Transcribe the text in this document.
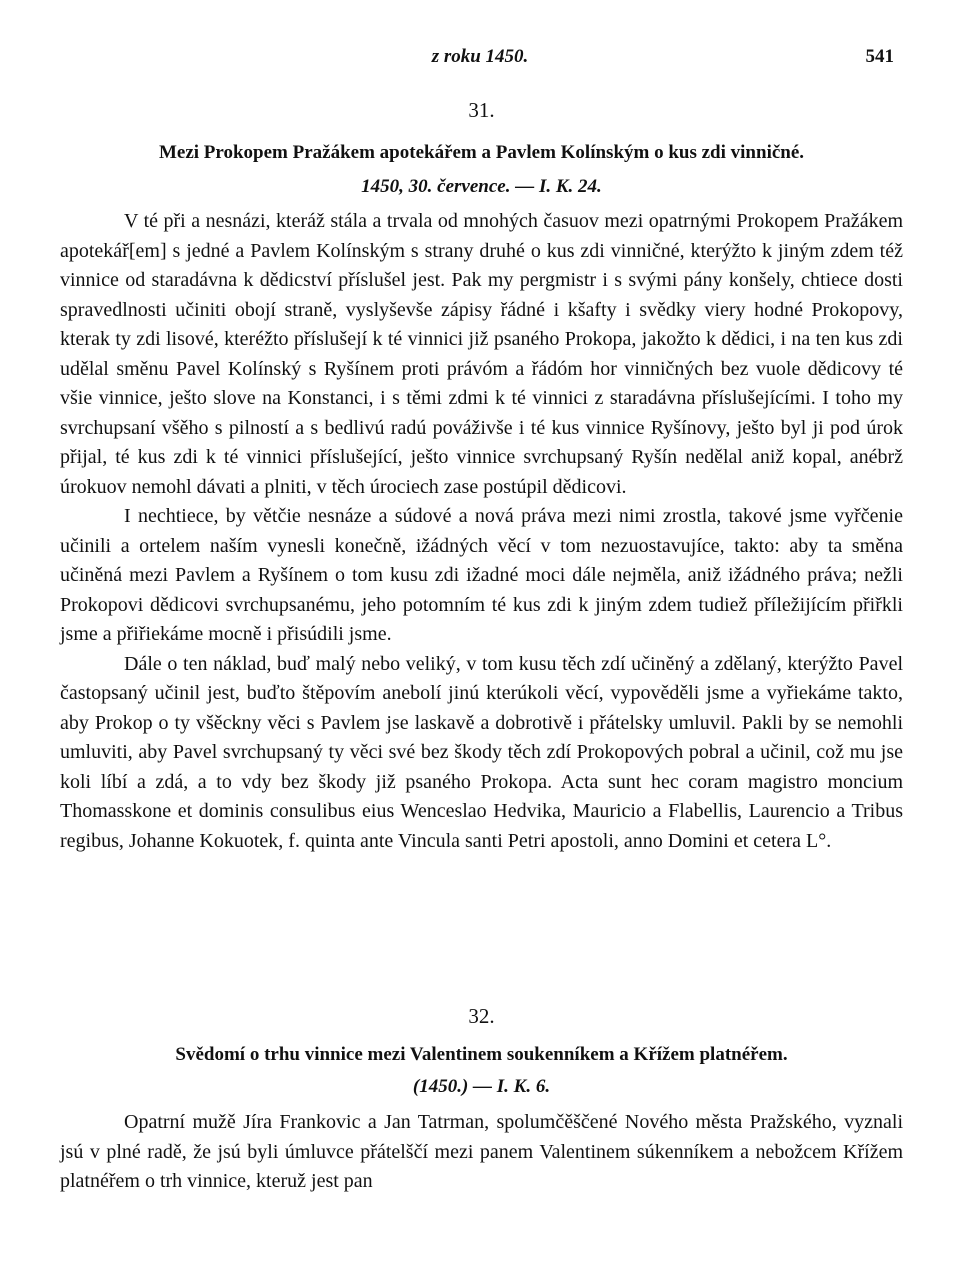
z roku 1450.	541
31.
Mezi Prokopem Pražákem apotekářem a Pavlem Kolínským o kus zdi vinničné.
1450, 30. července. — I. K. 24.

V té při a nesnázi, kteráž stála a trvala od mnohých časuov mezi opatrnými Prokopem Pražákem apotekář[em] s jedné a Pavlem Kolínským s strany druhé o kus zdi vinničné, kterýžto k jiným zdem též vinnice od staradávna k dědicství příslušel jest. Pak my pergmistr i s svými pány konšely, chtiece dosti spravedlnosti učiniti obojí straně, vyslyševše zápisy řádné i kšafty i svědky viery hodné Prokopovy, kterak ty zdi lisové, kteréžto příslušejí k té vinnici již psaného Prokopa, jakožto k dědici, i na ten kus zdi udělal směnu Pavel Kolínský s Ryšínem proti právóm a řádóm hor vinničných bez vuole dědicovy té všie vinnice, ješto slove na Konstanci, i s těmi zdmi k té vinnici z staradávna příslušejícími. I toho my svrchupsaní všěho s pilností a s bedlivú radú pováživše i té kus vinnice Ryšínovy, ješto byl ji pod úrok přijal, té kus zdi k té vinnici příslušející, ješto vinnice svrchupsaný Ryšín nedělal aniž kopal, anébrž úrokuov nemohl dávati a plniti, v těch úrociech zase postúpil dědicovi.

I nechtiece, by větčie nesnáze a súdové a nová práva mezi nimi zrostla, takové jsme vyřčenie učinili a ortelem naším vynesli konečně, ižádných věcí v tom nezuostavujíce, takto: aby ta směna učiněná mezi Pavlem a Ryšínem o tom kusu zdi ižadné moci dále nejměla, aniž ižádného práva; nežli Prokopovi dědicovi svrchupsanému, jeho potomním té kus zdi k jiným zdem tudiež příležijícím přiřkli jsme a přiřiekáme mocně i přisúdili jsme.

Dále o ten náklad, buď malý nebo veliký, v tom kusu těch zdí učiněný a zdělaný, kterýžto Pavel častopsaný učinil jest, buďto štěpovím anebolí jinú kterúkoli věcí, vypověděli jsme a vyřiekáme takto, aby Prokop o ty všěckny věci s Pavlem jse laskavě a dobrotivě i přátelsky umluvil. Pakli by se nemohli umluviti, aby Pavel svrchupsaný ty věci své bez škody těch zdí Prokopových pobral a učinil, což mu jse koli líbí a zdá, a to vdy bez škody již psaného Prokopa. Acta sunt hec coram magistro moncium Thomasskone et dominis consulibus eius Wenceslao Hedvika, Mauricio a Flabellis, Laurencio a Tribus regibus, Johanne Kokuotek, f. quinta ante Vincula santi Petri apostoli, anno Domini et cetera L°.

32.
Svědomí o trhu vinnice mezi Valentinem soukenníkem a Křížem platnéřem.
(1450.) — I. K. 6.

Opatrní mužě Jíra Frankovic a Jan Tatrman, spolumčěščené Nového města Pražského, vyznali jsú v plné radě, že jsú byli úmluvce přátelščí mezi panem Valentinem súkenníkem a nebožcem Křížem platnéřem o trh vinnice, kteruž jest pan
